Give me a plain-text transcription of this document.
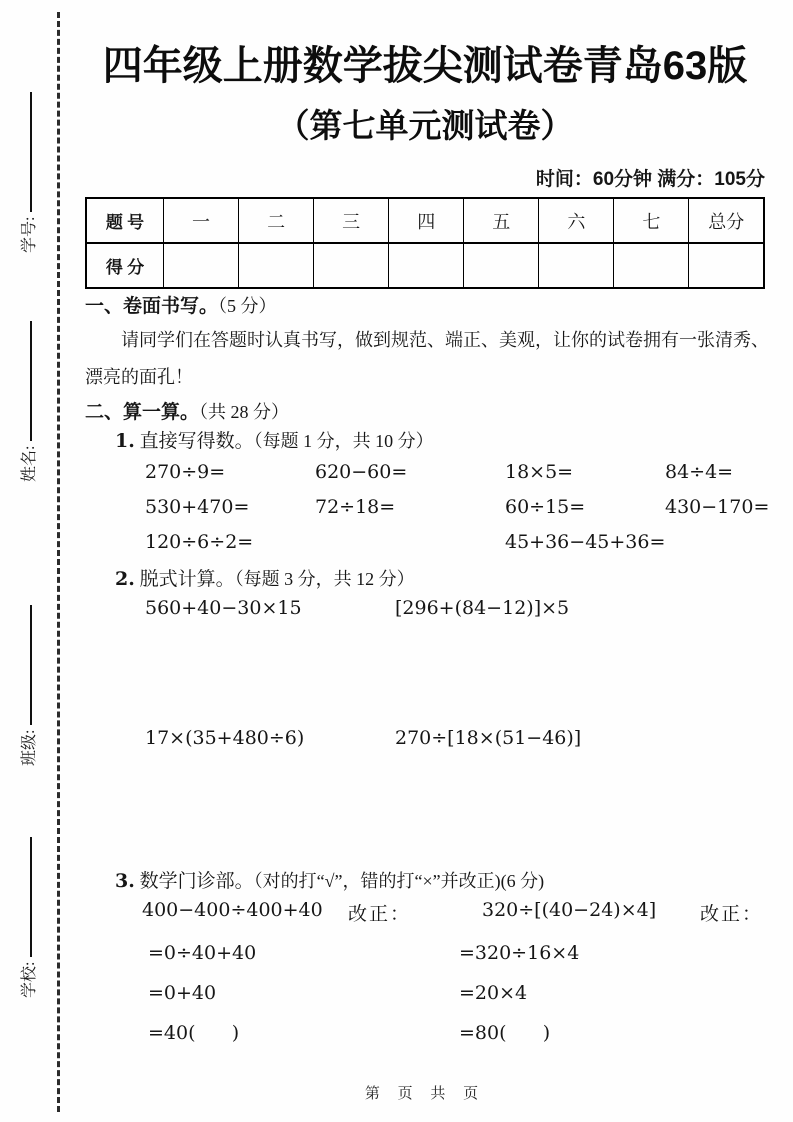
学号:
姓名:
班级:
学校:
四年级上册数学拔尖测试卷青岛63版
（第七单元测试卷）
时间：60分钟 满分：105分
题 号	一	二	三	四	五	六	七	总分
得 分								
一、卷面书写。（5 分）

请同学们在答题时认真书写，做到规范、端正、美观，让你的试卷拥有一张清秀、漂亮的面孔！

二、算一算。（共 28 分）
1. 直接写得数。（每题 1 分，共 10 分）
270÷9=	620−60=	18×5=	84÷4=
530+470=	72÷18=	60÷15=	430−170=
120÷6÷2=	45+36−45+36=
2. 脱式计算。（每题 3 分，共 12 分）
560+40−30×15	[296+(84−12)]×5
17×(35+480÷6)	270÷[18×(51−46)]
3. 数学门诊部。（对的打“√”，错的打“×”并改正)(6 分)
400−400÷400+40	改正：	320÷[(40−24)×4]	改正：
=0÷40+40	=320÷16×4
=0+40	=20×4
=40(      )	=80(      )
第 页 共 页
